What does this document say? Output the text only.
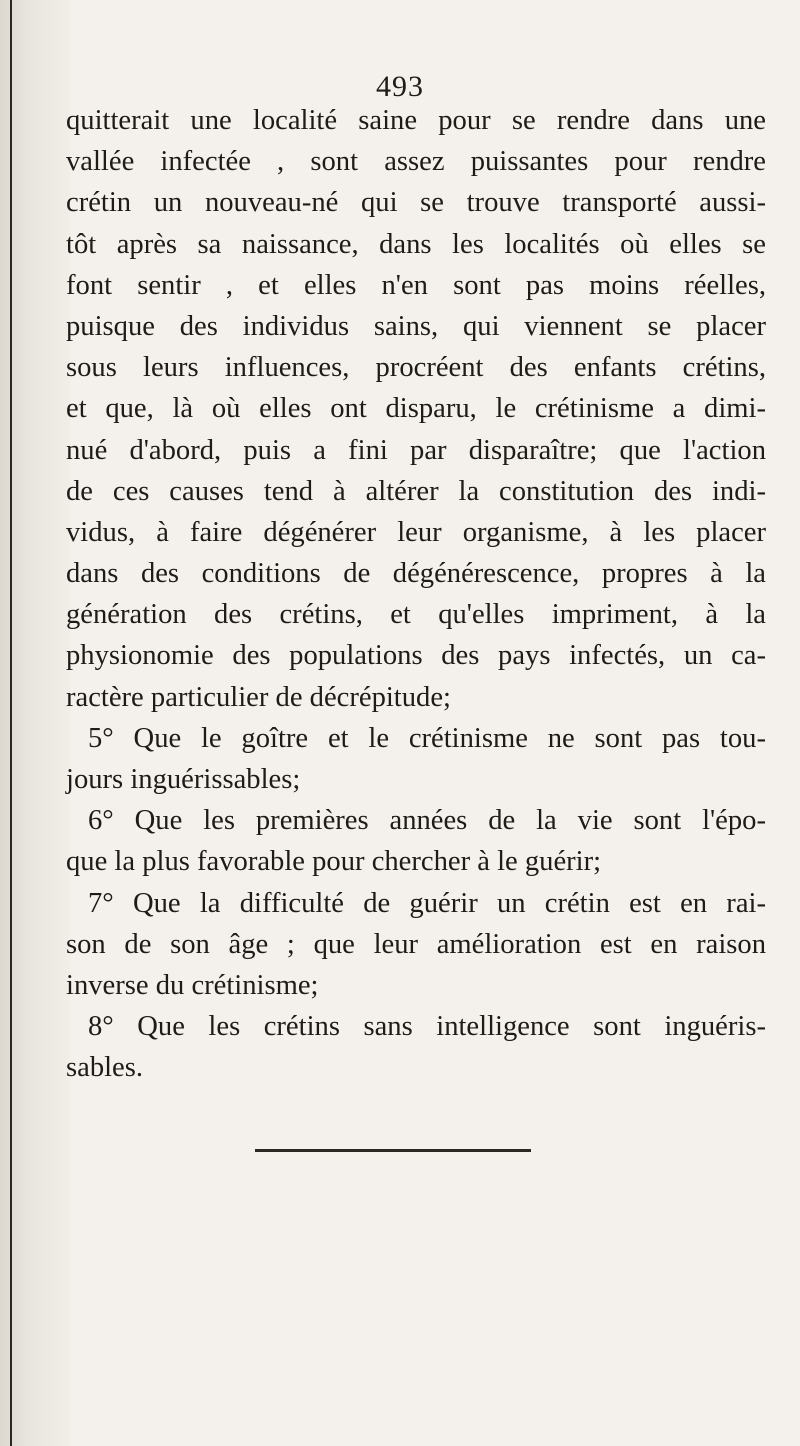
493
quitterait une localité saine pour se rendre dans une
vallée infectée , sont assez puissantes pour rendre
crétin un nouveau-né qui se trouve transporté aussi-
tôt après sa naissance, dans les localités où elles se
font sentir , et elles n'en sont pas moins réelles,
puisque des individus sains, qui viennent se placer
sous leurs influences, procréent des enfants crétins,
et que, là où elles ont disparu, le crétinisme a dimi-
nué d'abord, puis a fini par disparaître; que l'action
de ces causes tend à altérer la constitution des indi-
vidus, à faire dégénérer leur organisme, à les placer
dans des conditions de dégénérescence, propres à la
génération des crétins, et qu'elles impriment, à la
physionomie des populations des pays infectés, un ca-
ractère particulier de décrépitude;
5° Que le goître et le crétinisme ne sont pas tou-
jours inguérissables;
6° Que les premières années de la vie sont l'épo-
que la plus favorable pour chercher à le guérir;
7° Que la difficulté de guérir un crétin est en rai-
son de son âge ; que leur amélioration est en raison
inverse du crétinisme;
8° Que les crétins sans intelligence sont inguéris-
sables.
